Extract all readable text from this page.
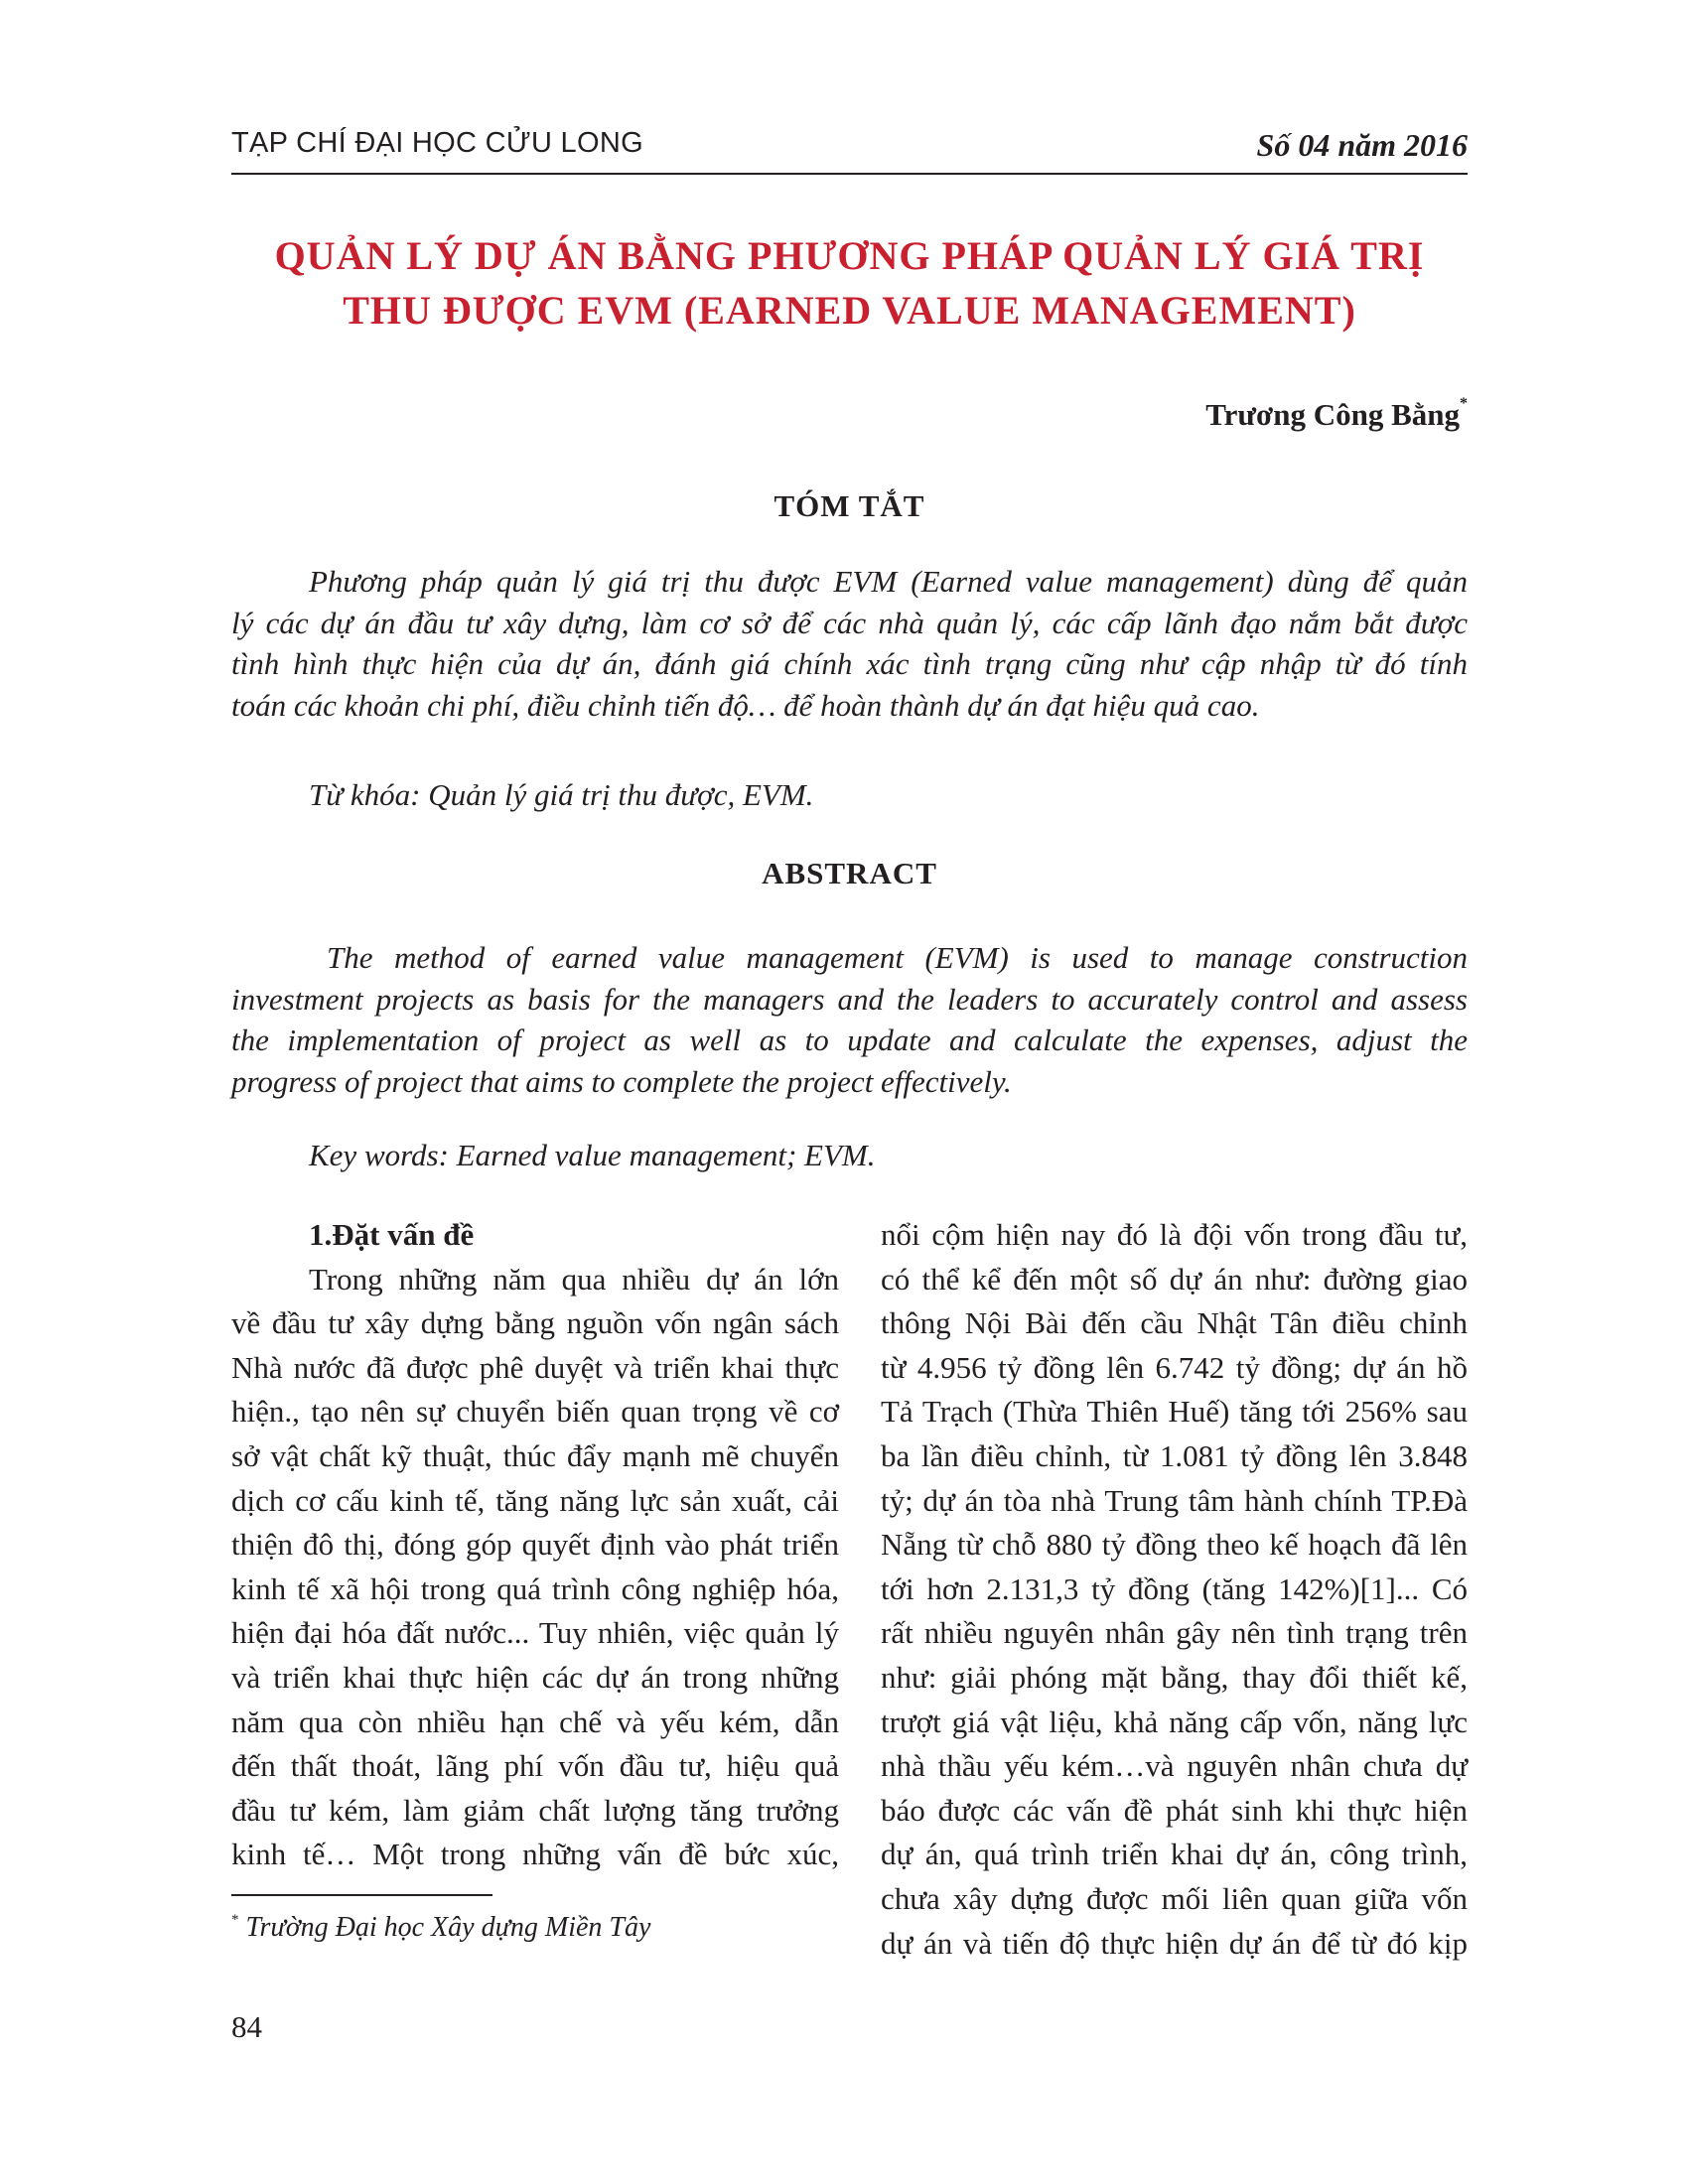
TẠP CHÍ ĐẠI HỌC CỬU LONG	Số 04 năm 2016
QUẢN LÝ DỰ ÁN BẰNG PHƯƠNG PHÁP QUẢN LÝ GIÁ TRỊ
THU ĐƯỢC EVM (EARNED VALUE MANAGEMENT)
Trương Công Bằng*
TÓM TẮT
Phương pháp quản lý giá trị thu được EVM (Earned value management) dùng để quản
lý các dự án đầu tư xây dựng, làm cơ sở để các nhà quản lý, các cấp lãnh đạo nắm bắt được
tình hình thực hiện của dự án, đánh giá chính xác tình trạng cũng như cập nhập từ đó tính
toán các khoản chi phí, điều chỉnh tiến độ… để hoàn thành dự án đạt hiệu quả cao.
Từ khóa: Quản lý giá trị thu được, EVM.
ABSTRACT
The method of earned value management (EVM) is used to manage construction
investment projects as basis for the managers and the leaders to accurately control and assess
the implementation of project as well as to update and calculate the expenses, adjust the
progress of project that aims to complete the project effectively.
Key words: Earned value management; EVM.
1.Đặt vấn đề
Trong những năm qua nhiều dự án lớn
về đầu tư xây dựng bằng nguồn vốn ngân sách
Nhà nước đã được phê duyệt và triển khai thực
hiện., tạo nên sự chuyển biến quan trọng về cơ
sở vật chất kỹ thuật, thúc đẩy mạnh mẽ chuyển
dịch cơ cấu kinh tế, tăng năng lực sản xuất, cải
thiện đô thị, đóng góp quyết định vào phát triển
kinh tế xã hội trong quá trình công nghiệp hóa,
hiện đại hóa đất nước... Tuy nhiên, việc quản lý
và triển khai thực hiện các dự án trong những
năm qua còn nhiều hạn chế và yếu kém, dẫn
đến thất thoát, lãng phí vốn đầu tư, hiệu quả
đầu tư kém, làm giảm chất lượng tăng trưởng
kinh tế… Một trong những vấn đề bức xúc,
nổi cộm hiện nay đó là đội vốn trong đầu tư,
có thể kể đến một số dự án như: đường giao
thông Nội Bài đến cầu Nhật Tân điều chỉnh
từ 4.956 tỷ đồng lên 6.742 tỷ đồng; dự án hồ
Tả Trạch (Thừa Thiên Huế) tăng tới 256% sau
ba lần điều chỉnh, từ 1.081 tỷ đồng lên 3.848
tỷ; dự án tòa nhà Trung tâm hành chính TP.Đà
Nẵng từ chỗ 880 tỷ đồng theo kế hoạch đã lên
tới hơn 2.131,3 tỷ đồng (tăng 142%)[1]... Có
rất nhiều nguyên nhân gây nên tình trạng trên
như: giải phóng mặt bằng, thay đổi thiết kế,
trượt giá vật liệu, khả năng cấp vốn, năng lực
nhà thầu yếu kém…và nguyên nhân chưa dự
báo được các vấn đề phát sinh khi thực hiện
dự án, quá trình triển khai dự án, công trình,
chưa xây dựng được mối liên quan giữa vốn
dự án và tiến độ thực hiện dự án để từ đó kịp
* Trường Đại học Xây dựng Miền Tây
84
